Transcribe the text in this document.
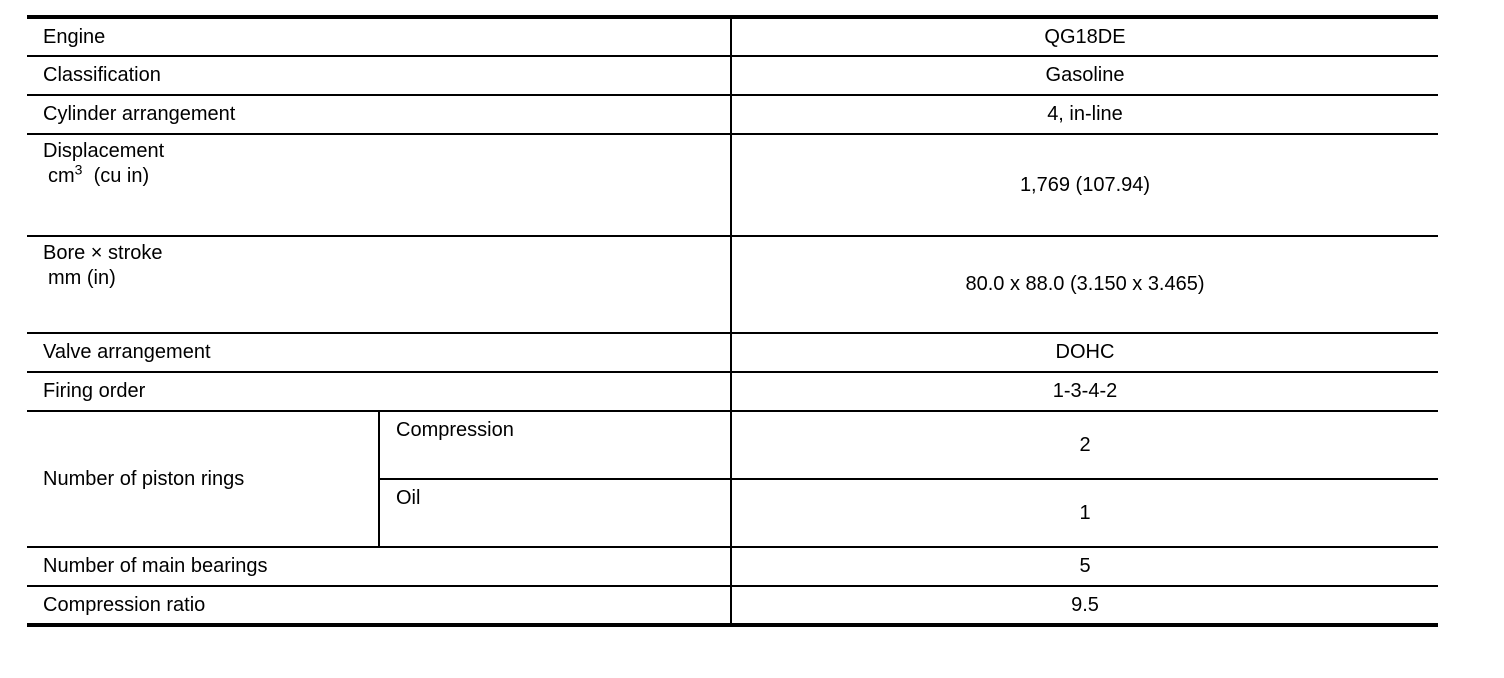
Engine		QG18DE
Classification		Gasoline
Cylinder arrangement		4, in-line
Displacement
$cm^3$  (cu in)		1,769 (107.94)
Bore × stroke
mm (in)		80.0 x 88.0 (3.150 x 3.465)
Valve arrangement		DOHC
Firing order		1-3-4-2
Number of piston rings	Compression	2
	Oil	1
Number of main bearings		5
Compression ratio		9.5
